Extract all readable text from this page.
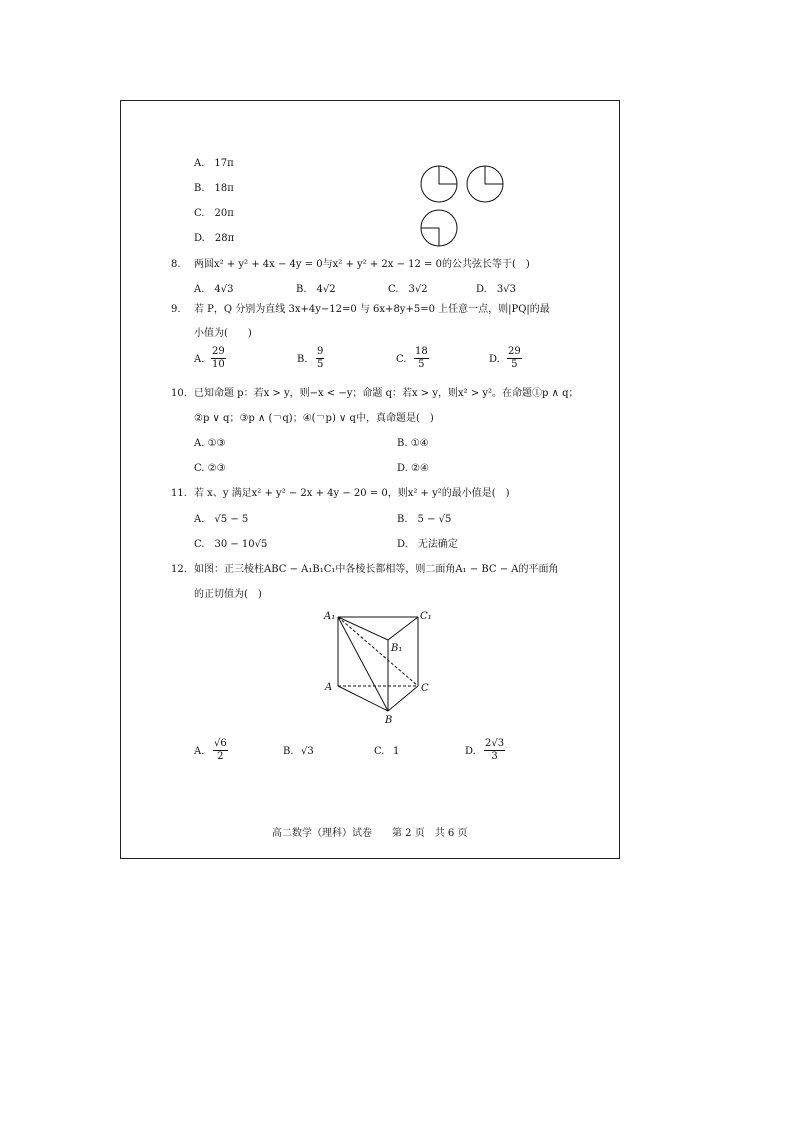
A.　17π
B.　18π
C.　20π
D.　28π
8. 两圆x² + y² + 4x − 4y = 0与x² + y² + 2x − 12 = 0的公共弦长等于(　)
A.　4√3	B.　4√2	C.　3√2	D.　3√3
9. 若 P，Q 分别为直线 3x+4y−12=0 与 6x+8y+5=0 上任意一点，则|PQ|的最
小值为(　　)
A. $\frac{29}{10}$	B. $\frac{9}{5}$	C. $\frac{18}{5}$	D. $\frac{29}{5}$
10. 已知命题 p：若x > y，则−x < −y；命题 q：若x > y，则x² > y²。在命题①p ∧ q；
②p ∨ q；③p ∧ (￢q)；④(￢p) ∨ q中，真命题是(　)
A. ①③	B. ①④
C. ②③	D. ②④
11. 若 x、y 满足x² + y² − 2x + 4y − 20 = 0，则x² + y²的最小值是(　)
A.　√5 − 5	B.　5 − √5
C.　30 − 10√5	D.　无法确定
12. 如图：正三棱柱ABC − A₁B₁C₁中各棱长都相等，则二面角A₁ − BC − A的平面角
的正切值为(　)
A₁	C₁
B₁
A	C
B
A. $\frac{√6}{2}$	B. √3	C. 1	D. $\frac{2√3}{3}$
高二数学（理科）试卷　　第 2 页　共 6 页
